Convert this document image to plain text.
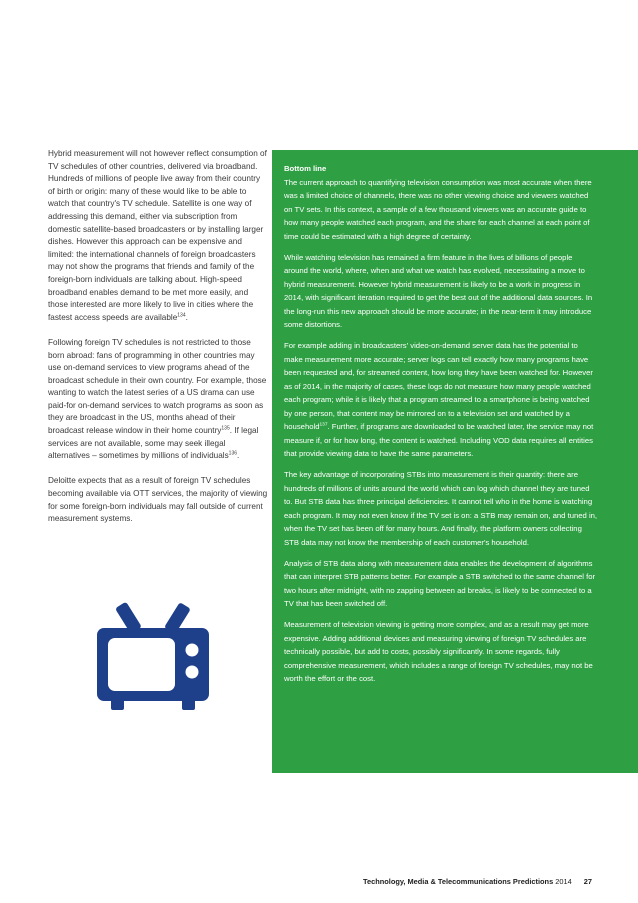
Hybrid measurement will not however reflect consumption of TV schedules of other countries, delivered via broadband. Hundreds of millions of people live away from their country of birth or origin: many of these would like to be able to watch that country's TV schedule. Satellite is one way of addressing this demand, either via subscription from domestic satellite-based broadcasters or by installing larger dishes. However this approach can be expensive and limited: the international channels of foreign broadcasters may not show the programs that friends and family of the foreign-born individuals are talking about. High-speed broadband enables demand to be met more easily, and those interested are more likely to live in cities where the fastest access speeds are available$^{134}$.

Following foreign TV schedules is not restricted to those born abroad: fans of programming in other countries may use on-demand services to view programs ahead of the broadcast schedule in their own country. For example, those wanting to watch the latest series of a US drama can use paid-for on-demand services to watch programs as soon as they are broadcast in the US, months ahead of their broadcast release window in their home country$^{135}$. If legal services are not available, some may seek illegal alternatives – sometimes by millions of individuals$^{136}$.

Deloitte expects that as a result of foreign TV schedules becoming available via OTT services, the majority of viewing for some foreign-born individuals may fall outside of current measurement systems.

Bottom line

The current approach to quantifying television consumption was most accurate when there was a limited choice of channels, there was no other viewing choice and viewers watched on TV sets. In this context, a sample of a few thousand viewers was an accurate guide to how many people watched each program, and the share for each channel at each point of time could be estimated with a high degree of certainty.

While watching television has remained a firm feature in the lives of billions of people around the world, where, when and what we watch has evolved, necessitating a move to hybrid measurement. However hybrid measurement is likely to be a work in progress in 2014, with significant iteration required to get the best out of the additional data sources. In the long-run this new approach should be more accurate; in the near-term it may introduce some distortions.

For example adding in broadcasters' video-on-demand server data has the potential to make measurement more accurate; server logs can tell exactly how many programs have been requested and, for streamed content, how long they have been watched for. However as of 2014, in the majority of cases, these logs do not measure how many people watched each program; while it is likely that a program streamed to a smartphone is being watched by one person, that content may be mirrored on to a television set and watched by a household$^{137}$. Further, if programs are downloaded to be watched later, the service may not measure if, or for how long, the content is watched. Including VOD data requires all entities that provide viewing data to have the same parameters.

The key advantage of incorporating STBs into measurement is their quantity: there are hundreds of millions of units around the world which can log which channel they are tuned to. But STB data has three principal deficiencies. It cannot tell who in the home is watching each program. It may not even know if the TV set is on: a STB may remain on, and tuned in, when the TV set has been off for many hours. And finally, the platform owners collecting STB data may not know the membership of each customer's household.

Analysis of STB data along with measurement data enables the development of algorithms that can interpret STB patterns better. For example a STB switched to the same channel for two hours after midnight, with no zapping between ad breaks, is likely to be connected to a TV that has been switched off.

Measurement of television viewing is getting more complex, and as a result may get more expensive. Adding additional devices and measuring viewing of foreign TV schedules are technically possible, but add to costs, possibly significantly. In some regards, fully comprehensive measurement, which includes a range of foreign TV schedules, may not be worth the effort or the cost.

Technology, Media & Telecommunications Predictions 2014 27
